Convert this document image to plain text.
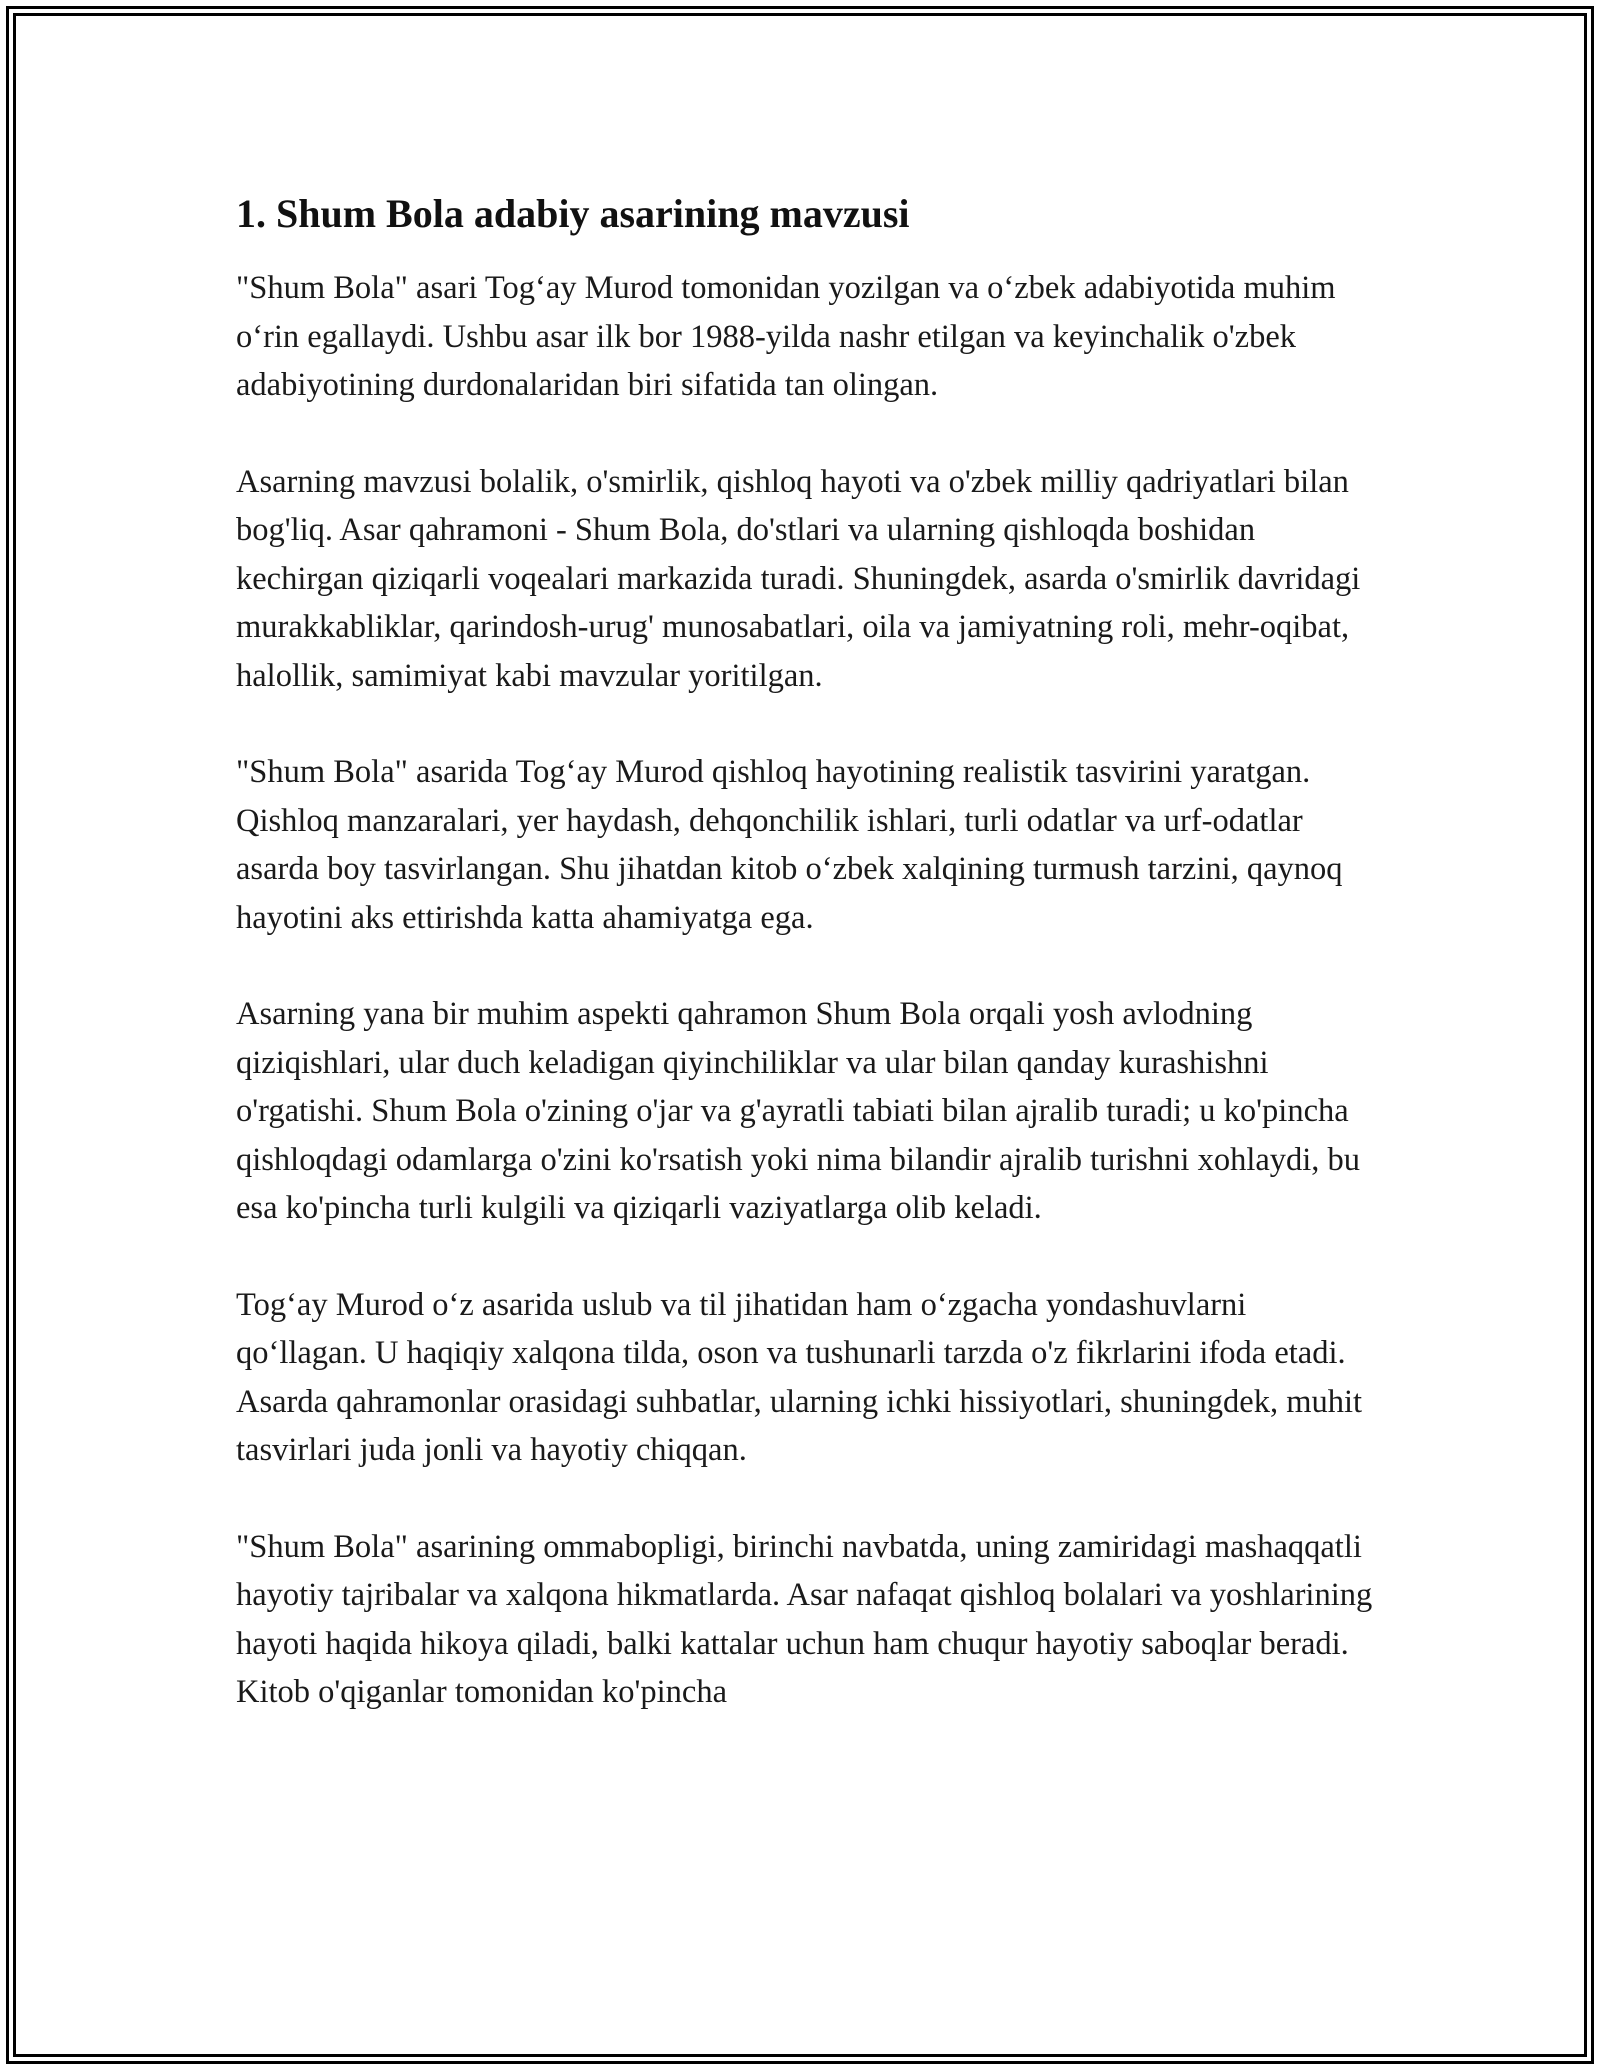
1. Shum Bola adabiy asarining mavzusi

"Shum Bola" asari Tog‘ay Murod tomonidan yozilgan va o‘zbek adabiyotida muhim o‘rin egallaydi. Ushbu asar ilk bor 1988-yilda nashr etilgan va keyinchalik o'zbek adabiyotining durdonalaridan biri sifatida tan olingan.

Asarning mavzusi bolalik, o'smirlik, qishloq hayoti va o'zbek milliy qadriyatlari bilan bog'liq. Asar qahramoni - Shum Bola, do'stlari va ularning qishloqda boshidan kechirgan qiziqarli voqealari markazida turadi. Shuningdek, asarda o'smirlik davridagi murakkabliklar, qarindosh-urug' munosabatlari, oila va jamiyatning roli, mehr-oqibat, halollik, samimiyat kabi mavzular yoritilgan.

"Shum Bola" asarida Tog‘ay Murod qishloq hayotining realistik tasvirini yaratgan. Qishloq manzaralari, yer haydash, dehqonchilik ishlari, turli odatlar va urf-odatlar asarda boy tasvirlangan. Shu jihatdan kitob o‘zbek xalqining turmush tarzini, qaynoq hayotini aks ettirishda katta ahamiyatga ega.

Asarning yana bir muhim aspekti qahramon Shum Bola orqali yosh avlodning qiziqishlari, ular duch keladigan qiyinchiliklar va ular bilan qanday kurashishni o'rgatishi. Shum Bola o'zining o'jar va g'ayratli tabiati bilan ajralib turadi; u ko'pincha qishloqdagi odamlarga o'zini ko'rsatish yoki nima bilandir ajralib turishni xohlaydi, bu esa ko'pincha turli kulgili va qiziqarli vaziyatlarga olib keladi.

Tog‘ay Murod o‘z asarida uslub va til jihatidan ham o‘zgacha yondashuvlarni qo‘llagan. U haqiqiy xalqona tilda, oson va tushunarli tarzda o'z fikrlarini ifoda etadi. Asarda qahramonlar orasidagi suhbatlar, ularning ichki hissiyotlari, shuningdek, muhit tasvirlari juda jonli va hayotiy chiqqan.

"Shum Bola" asarining ommabopligi, birinchi navbatda, uning zamiridagi mashaqqatli hayotiy tajribalar va xalqona hikmatlarda. Asar nafaqat qishloq bolalari va yoshlarining hayoti haqida hikoya qiladi, balki kattalar uchun ham chuqur hayotiy saboqlar beradi. Kitob o'qiganlar tomonidan ko'pincha
